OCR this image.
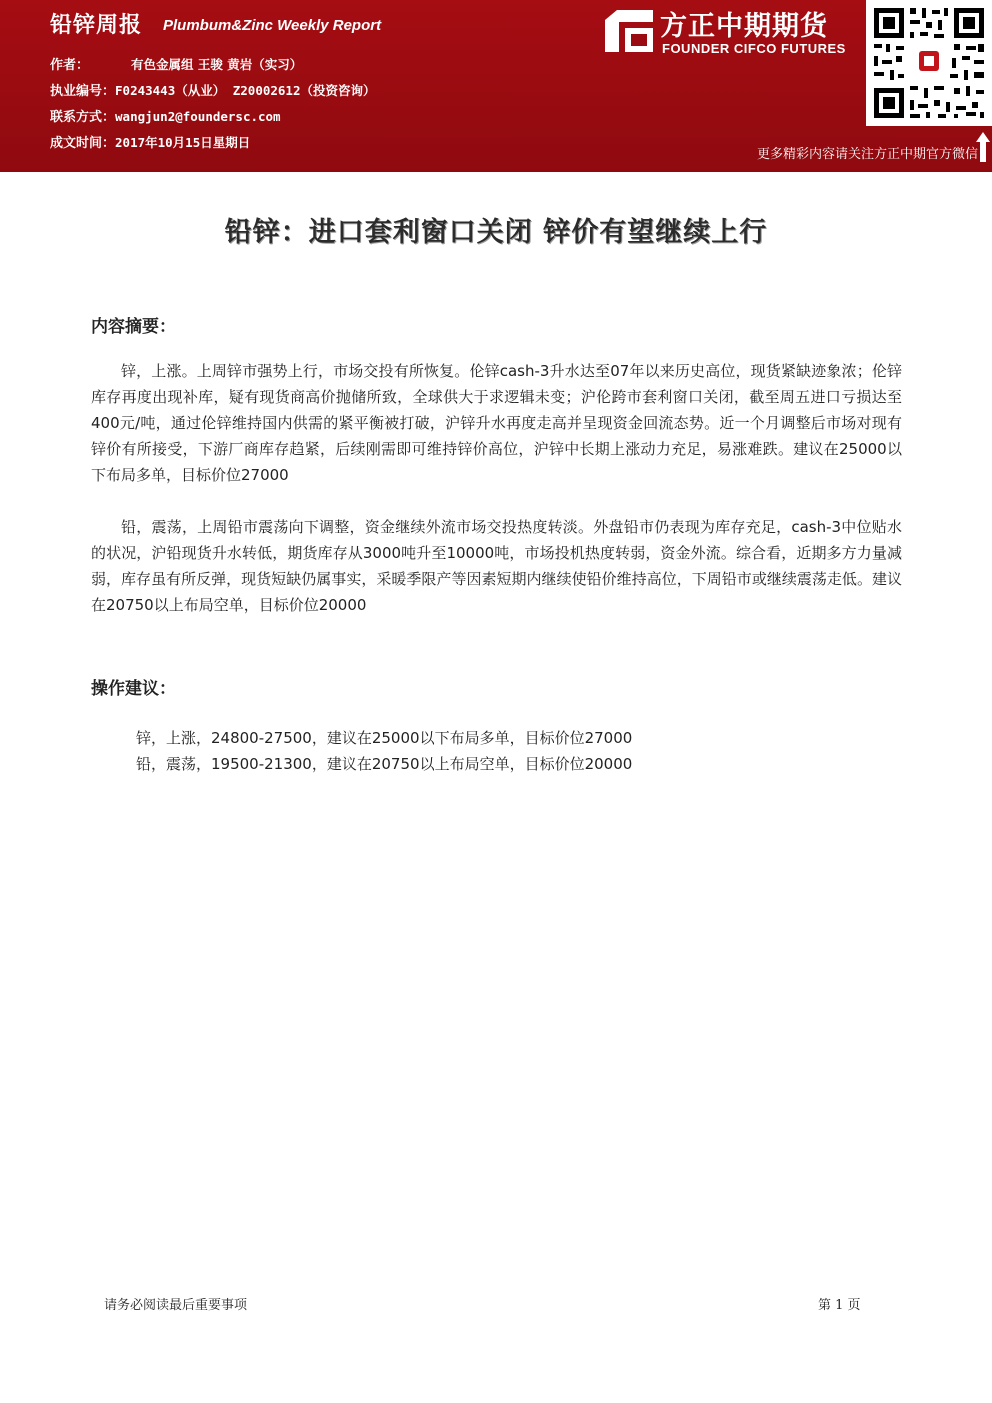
铅锌周报 Plumbum&Zinc Weekly Report
作者：	有色金属组 王骏 黄岩（实习）
执业编号：F0243443（从业） Z20002612（投资咨询）
联系方式：wangjun2@foundersc.com
成文时间：2017年10月15日星期日
方正中期期货
FOUNDER CIFCO FUTURES
更多精彩内容请关注方正中期官方微信
铅锌：进口套利窗口关闭 锌价有望继续上行
内容摘要：
锌，上涨。上周锌市强势上行，市场交投有所恢复。伦锌cash-3升水达至07年以来历史高位，现货紧缺迹象浓；伦锌库存再度出现补库，疑有现货商高价抛储所致，全球供大于求逻辑未变；沪伦跨市套利窗口关闭，截至周五进口亏损达至400元/吨，通过伦锌维持国内供需的紧平衡被打破，沪锌升水再度走高并呈现资金回流态势。近一个月调整后市场对现有锌价有所接受，下游厂商库存趋紧，后续刚需即可维持锌价高位，沪锌中长期上涨动力充足，易涨难跌。建议在25000以下布局多单，目标价位27000
铅，震荡，上周铅市震荡向下调整，资金继续外流市场交投热度转淡。外盘铅市仍表现为库存充足，cash-3中位贴水的状况，沪铅现货升水转低，期货库存从3000吨升至10000吨，市场投机热度转弱，资金外流。综合看，近期多方力量减弱，库存虽有所反弹，现货短缺仍属事实，采暖季限产等因素短期内继续使铅价维持高位，下周铅市或继续震荡走低。建议在20750以上布局空单，目标价位20000
操作建议：
锌，上涨，24800-27500，建议在25000以下布局多单，目标价位27000
铅，震荡，19500-21300，建议在20750以上布局空单，目标价位20000
请务必阅读最后重要事项	第 1 页
